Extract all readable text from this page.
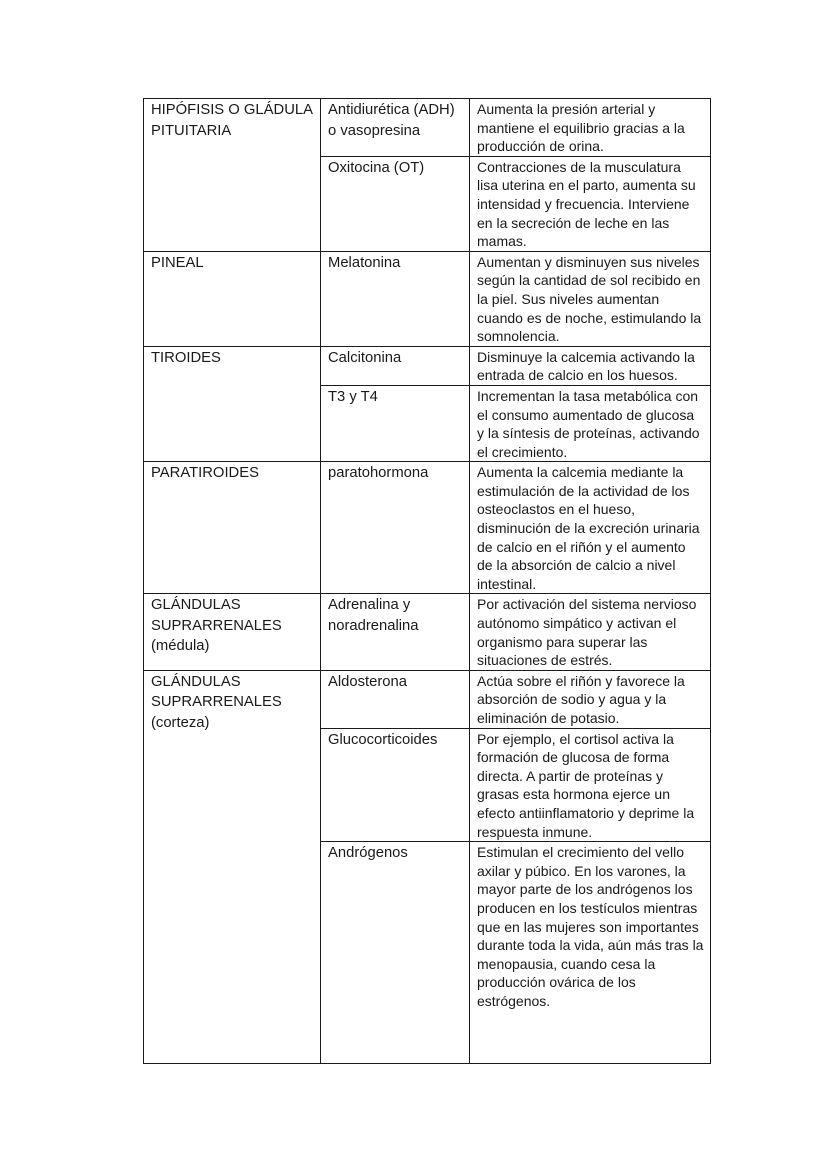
HIPÓFISIS O GLÁDULA PITUITARIA	Antidiurética (ADH) o vasopresina	Aumenta la presión arterial y mantiene el equilibrio gracias a la producción de orina.
	Oxitocina (OT)	Contracciones de la musculatura lisa uterina en el parto, aumenta su intensidad y frecuencia. Interviene en la secreción de leche en las mamas.
PINEAL	Melatonina	Aumentan y disminuyen sus niveles según la cantidad de sol recibido en la piel. Sus niveles aumentan cuando es de noche, estimulando la somnolencia.
TIROIDES	Calcitonina	Disminuye la calcemia activando la entrada de calcio en los huesos.
	T3 y T4	Incrementan la tasa metabólica con el consumo aumentado de glucosa y la síntesis de proteínas, activando el crecimiento.
PARATIROIDES	paratohormona	Aumenta la calcemia mediante la estimulación de la actividad de los osteoclastos en el hueso, disminución de la excreción urinaria de calcio en el riñón y el aumento de la absorción de calcio a nivel intestinal.
GLÁNDULAS SUPRARRENALES (médula)	Adrenalina y noradrenalina	Por activación del sistema nervioso autónomo simpático y activan el organismo para superar las situaciones de estrés.
GLÁNDULAS SUPRARRENALES (corteza)	Aldosterona	Actúa sobre el riñón y favorece la absorción de sodio y agua y la eliminación de potasio.
	Glucocorticoides	Por ejemplo, el cortisol activa la formación de glucosa de forma directa. A partir de proteínas y grasas esta hormona ejerce un efecto antiinflamatorio y deprime la respuesta inmune.
	Andrógenos	Estimulan el crecimiento del vello axilar y púbico. En los varones, la mayor parte de los andrógenos los producen en los testículos mientras que en las mujeres son importantes durante toda la vida, aún más tras la menopausia, cuando cesa la producción ovárica de los estrógenos.
